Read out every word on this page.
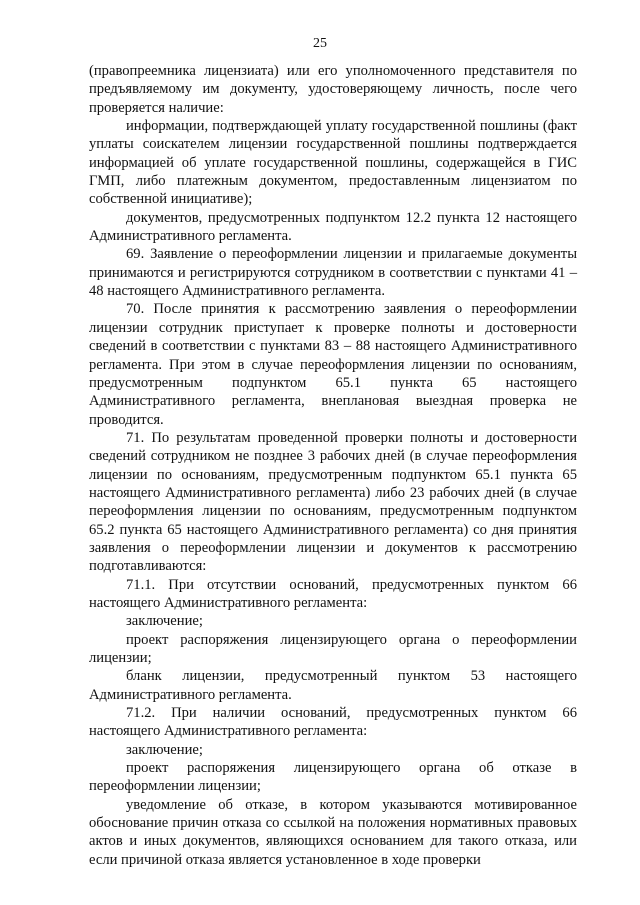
25

(правопреемника лицензиата) или его уполномоченного представителя по предъявляемому им документу, удостоверяющему личность, после чего проверяется наличие:

информации, подтверждающей уплату государственной пошлины (факт уплаты соискателем лицензии государственной пошлины подтверждается информацией об уплате государственной пошлины, содержащейся в ГИС ГМП, либо платежным документом, предоставленным лицензиатом по собственной инициативе);

документов, предусмотренных подпунктом 12.2 пункта 12 настоящего Административного регламента.

69. Заявление о переоформлении лицензии и прилагаемые документы принимаются и регистрируются сотрудником в соответствии с пунктами 41 – 48 настоящего Административного регламента.

70. После принятия к рассмотрению заявления о переоформлении лицензии сотрудник приступает к проверке полноты и достоверности сведений в соответствии с пунктами 83 – 88 настоящего Административного регламента. При этом в случае переоформления лицензии по основаниям, предусмотренным подпунктом 65.1 пункта 65 настоящего Административного регламента, внеплановая выездная проверка не проводится.

71. По результатам проведенной проверки полноты и достоверности сведений сотрудником не позднее 3 рабочих дней (в случае переоформления лицензии по основаниям, предусмотренным подпунктом 65.1 пункта 65 настоящего Административного регламента) либо 23 рабочих дней (в случае переоформления лицензии по основаниям, предусмотренным подпунктом 65.2 пункта 65 настоящего Административного регламента) со дня принятия заявления о переоформлении лицензии и документов к рассмотрению подготавливаются:

71.1. При отсутствии оснований, предусмотренных пунктом 66 настоящего Административного регламента:

заключение;

проект распоряжения лицензирующего органа о переоформлении лицензии;

бланк лицензии, предусмотренный пунктом 53 настоящего Административного регламента.

71.2. При наличии оснований, предусмотренных пунктом 66 настоящего Административного регламента:

заключение;

проект распоряжения лицензирующего органа об отказе в переоформлении лицензии;

уведомление об отказе, в котором указываются мотивированное обоснование причин отказа со ссылкой на положения нормативных правовых актов и иных документов, являющихся основанием для такого отказа, или если причиной отказа является установленное в ходе проверки
